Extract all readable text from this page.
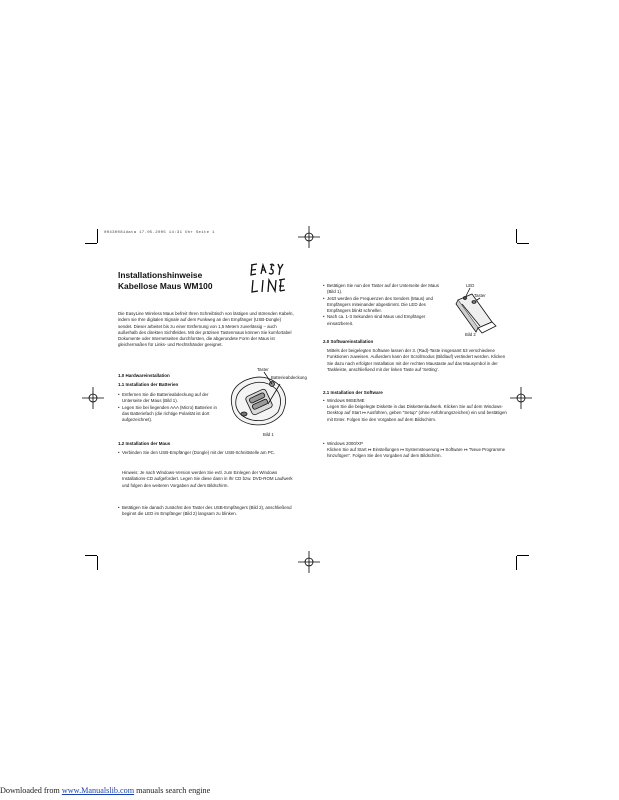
00430081data 17.05.2005 14:31 Uhr Seite 1
Installationshinweise
Kabellose Maus WM100
Die EasyLine Wireless Maus befreit Ihren Schreibtisch von lästigen und störenden Kabeln, indem sie Ihre digitalen Signale auf dem Funkweg an den Empfänger (USB-Dongle) sendet. Dieser arbeitet bis zu einer Entfernung von 1,5 Metern zuverlässig – auch außerhalb des direkten Sichtfeldes. Mit der präzisen Tastenmaus können Sie komfortabel Dokumente oder Internetseiten durchforsten, die abgerundete Form der Maus ist gleichermaßen für Links- und Rechtshänder geeignet.
1.0 Hardwareinstallation
1.1 Installation der Batterien
• Entfernen Sie die Batterieabdeckung auf der Unterseite der Maus (Bild 1).
• Legen Sie bei liegenden AAA (Micro) Batterien in das Batteriefach (die richtige Polarität ist dort aufgezeichnet).
Taster
Batterieabdeckung
Bild 1
1.2 Installation der Maus
• Verbinden Sie den USB-Empfänger (Dongle) mit der USB-Schnittstelle am PC.
Hinweis: Je nach Windows-Version werden Sie evtl. zum Einlegen der Windows Installations-CD aufgefordert. Legen Sie diese dann in Ihr CD bzw. DVD-ROM Laufwerk und folgen den weiteren Vorgaben auf dem Bildschirm.
• Betätigen Sie danach zunächst den Taster des USB-Empfängers (Bild 2), anschließend beginnt die LED im Empfänger (Bild 2) langsam zu blinken.
• Betätigen Sie nun den Taster auf der Unterseite der Maus (Bild 1).
• Jetzt werden die Frequenzen des Senders (Maus) und Empfängers miteinander abgestimmt. Die LED des Empfängers blinkt schneller.
• Nach ca. 1-3 Sekunden sind Maus und Empfänger einsatzbereit.
LED
Taster
Bild 2
2.0 Softwareinstallation
Mittels der beigelegten Software lassen der 3. (Rad)-Taste insgesamt 53 verschiedene Funktionen zuweisen. Außerdem kann der Scrollmodus (Bildlauf) verändert werden. Klicken Sie dazu nach erfolgter Installation mit der rechten Maustaste auf das Mausymbol in der Taskleiste, anschließend mit der linken Taste auf 'Setting'.
2.1 Installation der Software
• Windows 98SE/ME
Legen Sie die beigelegte Diskette in das Diskettenlaufwerk. Klicken Sie auf dem Windows-Desktop auf Start ↦ Ausführen, geben "Setup" (ohne Anführungszeichen) ein und bestätigen mit Enter. Folgen Sie den Vorgaben auf dem Bildschirm.
• Windows 2000/XP
Klicken Sie auf Start ↦ Einstellungen ↦ Systemsteuerung ↦ Software ↦ "Neue Programme hinzufügen". Folgen Sie den Vorgaben auf dem Bildschirm.
Downloaded from www.Manualslib.com manuals search engine
